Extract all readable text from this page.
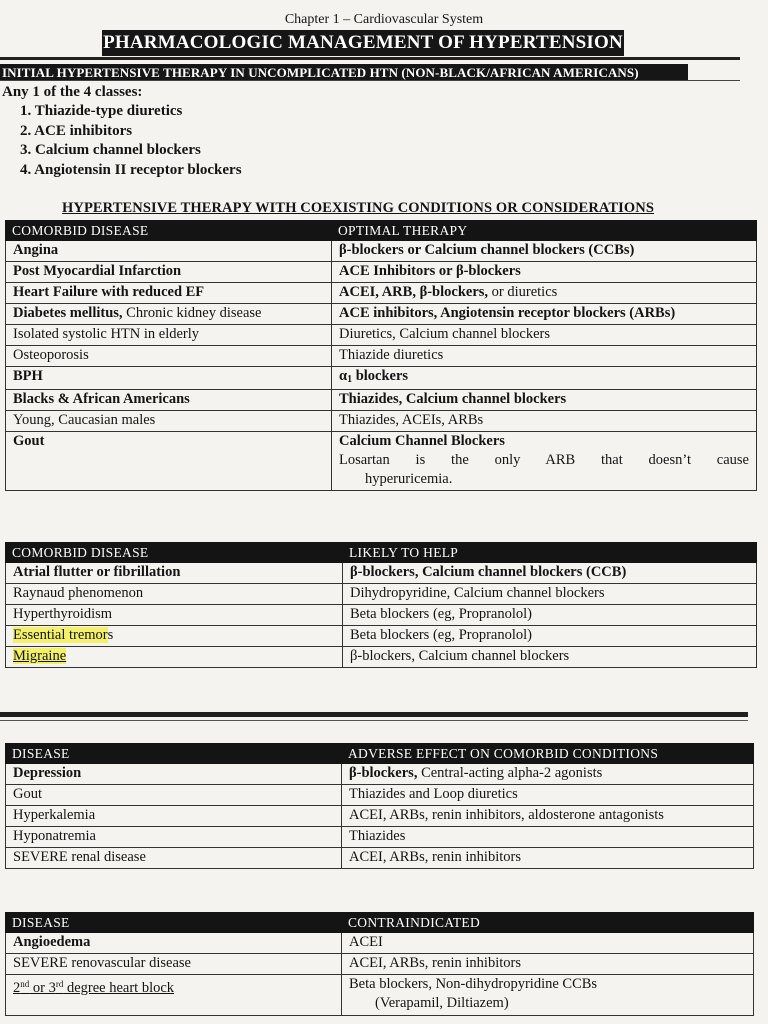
Chapter 1 – Cardiovascular System
PHARMACOLOGIC MANAGEMENT OF HYPERTENSION
INITIAL HYPERTENSIVE THERAPY IN UNCOMPLICATED HTN (NON-BLACK/AFRICAN AMERICANS)
Any 1 of the 4 classes:
1. Thiazide-type diuretics
2. ACE inhibitors
3. Calcium channel blockers
4. Angiotensin II receptor blockers
HYPERTENSIVE THERAPY WITH COEXISTING CONDITIONS OR CONSIDERATIONS
COMORBID DISEASE	OPTIMAL THERAPY
Angina	β-blockers or Calcium channel blockers (CCBs)
Post Myocardial Infarction	ACE Inhibitors or β-blockers
Heart Failure with reduced EF	ACEI, ARB, β-blockers, or diuretics
Diabetes mellitus, Chronic kidney disease	ACE inhibitors, Angiotensin receptor blockers (ARBs)
Isolated systolic HTN in elderly	Diuretics, Calcium channel blockers
Osteoporosis	Thiazide diuretics
BPH	$\alpha_1$ blockers
Blacks & African Americans	Thiazides, Calcium channel blockers
Young, Caucasian males	Thiazides, ACEIs, ARBs
Gout	Calcium Channel Blockers
Losartan is the only ARB that doesn’t cause
hyperuricemia.
COMORBID DISEASE	LIKELY TO HELP
Atrial flutter or fibrillation	β-blockers, Calcium channel blockers (CCB)
Raynaud phenomenon	Dihydropyridine, Calcium channel blockers
Hyperthyroidism	Beta blockers (eg, Propranolol)
Essential tremors	Beta blockers (eg, Propranolol)
Migraine	β-blockers, Calcium channel blockers
DISEASE	ADVERSE EFFECT ON COMORBID CONDITIONS
Depression	β-blockers, Central-acting alpha-2 agonists
Gout	Thiazides and Loop diuretics
Hyperkalemia	ACEI, ARBs, renin inhibitors, aldosterone antagonists
Hyponatremia	Thiazides
SEVERE renal disease	ACEI, ARBs, renin inhibitors
DISEASE	CONTRAINDICATED
Angioedema	ACEI
SEVERE renovascular disease	ACEI, ARBs, renin inhibitors
2nd or 3rd degree heart block	Beta blockers, Non-dihydropyridine CCBs
(Verapamil, Diltiazem)
